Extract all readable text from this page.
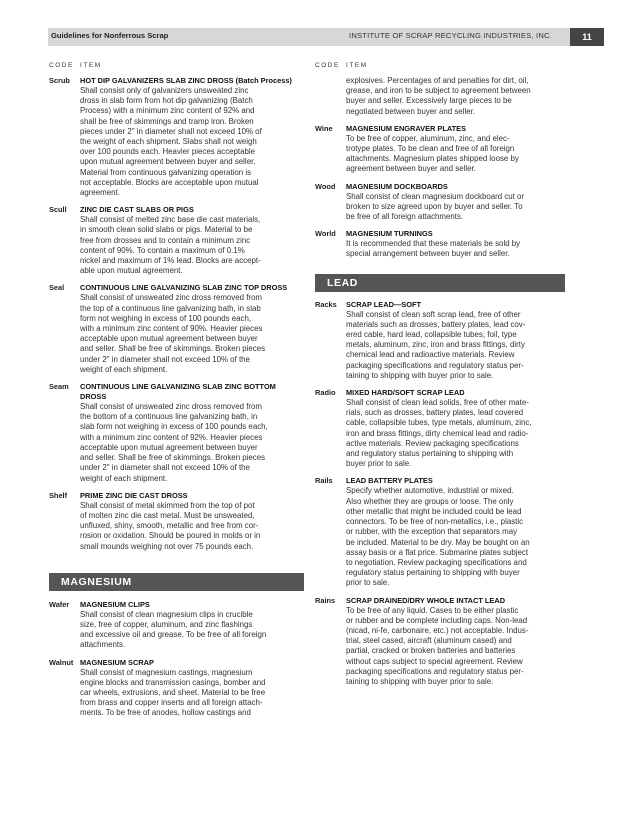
Guidelines for Nonferrous Scrap	INSTITUTE OF SCRAP RECYCLING INDUSTRIES, INC.	11
CODE ITEM
Scrub HOT DIP GALVANIZERS SLAB ZINC DROSS (Batch Process)
Shall consist only of galvanizers unsweated zinc
dross in slab form from hot dip galvanizing (Batch
Process) with a minimum zinc content of 92% and
shall be free of skimmings and tramp iron. Broken
pieces under 2" in diameter shall not exceed 10% of
the weight of each shipment. Slabs shall not weigh
over 100 pounds each. Heavier pieces acceptable
upon mutual agreement between buyer and seller.
Material from continuous galvanizing operation is
not acceptable. Blocks are acceptable upon mutual
agreement.
Scull ZINC DIE CAST SLABS OR PIGS
Shall consist of melted zinc base die cast materials,
in smooth clean solid slabs or pigs. Material to be
free from drosses and to contain a minimum zinc
content of 90%. To contain a maximum of 0.1%
nickel and maximum of 1% lead. Blocks are accept-
able upon mutual agreement.
Seal CONTINUOUS LINE GALVANIZING SLAB ZINC TOP DROSS
Shall consist of unsweated zinc dross removed from
the top of a continuous line galvanizing bath, in slab
form not weighing in excess of 100 pounds each,
with a minimum zinc content of 90%. Heavier pieces
acceptable upon mutual agreement between buyer
and seller. Shall be free of skimmings. Broken pieces
under 2" in diameter shall not exceed 10% of the
weight of each shipment.
Seam CONTINUOUS LINE GALVANIZING SLAB ZINC BOTTOM DROSS
Shall consist of unsweated zinc dross removed from
the bottom of a continuous line galvanizing bath, in
slab form not weighing in excess of 100 pounds each,
with a minimum zinc content of 92%. Heavier pieces
acceptable upon mutual agreement between buyer
and seller. Shall be free of skimmings. Broken pieces
under 2" in diameter shall not exceed 10% of the
weight of each shipment.
Shelf PRIME ZINC DIE CAST DROSS
Shall consist of metal skimmed from the top of pot
of molten zinc die cast metal. Must be unsweated,
unfluxed, shiny, smooth, metallic and free from cor-
rosion or oxidation. Should be poured in molds or in
small mounds weighing not over 75 pounds each.
MAGNESIUM
Wafer MAGNESIUM CLIPS
Shall consist of clean magnesium clips in crucible
size, free of copper, aluminum, and zinc flashings
and excessive oil and grease. To be free of all foreign
attachments.
Walnut MAGNESIUM SCRAP
Shall consist of magnesium castings, magnesium
engine blocks and transmission casings, bomber and
car wheels, extrusions, and sheet. Material to be free
from brass and copper inserts and all foreign attach-
ments. To be free of anodes, hollow castings and
CODE ITEM
explosives. Percentages of and penalties for dirt, oil,
grease, and iron to be subject to agreement between
buyer and seller. Excessively large pieces to be
negotiated between buyer and seller.
Wine MAGNESIUM ENGRAVER PLATES
To be free of copper, aluminum, zinc, and elec-
trotype plates. To be clean and free of all foreign
attachments. Magnesium plates shipped loose by
agreement between buyer and seller.
Wood MAGNESIUM DOCKBOARDS
Shall consist of clean magnesium dockboard cut or
broken to size agreed upon by buyer and seller. To
be free of all foreign attachments.
World MAGNESIUM TURNINGS
It is recommended that these materials be sold by
special arrangement between buyer and seller.
LEAD
Racks SCRAP LEAD—SOFT
Shall consist of clean soft scrap lead, free of other
materials such as drosses, battery plates, lead cov-
ered cable, hard lead, collapsible tubes, foil, type
metals, aluminum, zinc, iron and brass fittings, dirty
chemical lead and radioactive materials. Review
packaging specifications and regulatory status per-
taining to shipping with buyer prior to sale.
Radio MIXED HARD/SOFT SCRAP LEAD
Shall consist of clean lead solids, free of other mate-
rials, such as drosses, battery plates, lead covered
cable, collapsible tubes, type metals, aluminum, zinc,
iron and brass fittings, dirty chemical lead and radio-
active materials. Review packaging specifications
and regulatory status pertaining to shipping with
buyer prior to sale.
Rails LEAD BATTERY PLATES
Specify whether automotive, industrial or mixed.
Also whether they are groups or loose. The only
other metallic that might be included could be lead
connectors. To be free of non-metallics, i.e., plastic
or rubber, with the exception that separators may
be included. Material to be dry. May be bought on an
assay basis or a flat price. Submarine plates subject
to negotiation. Review packaging specifications and
regulatory status pertaining to shipping with buyer
prior to sale.
Rains SCRAP DRAINED/DRY WHOLE INTACT LEAD
To be free of any liquid. Cases to be either plastic
or rubber and be complete including caps. Non-lead
(nicad, ni-fe, carbonaire, etc.) not acceptable. Indus-
trial, steel cased, aircraft (aluminum cased) and
partial, cracked or broken batteries and batteries
without caps subject to special agreement. Review
packaging specifications and regulatory status per-
taining to shipping with buyer prior to sale.
